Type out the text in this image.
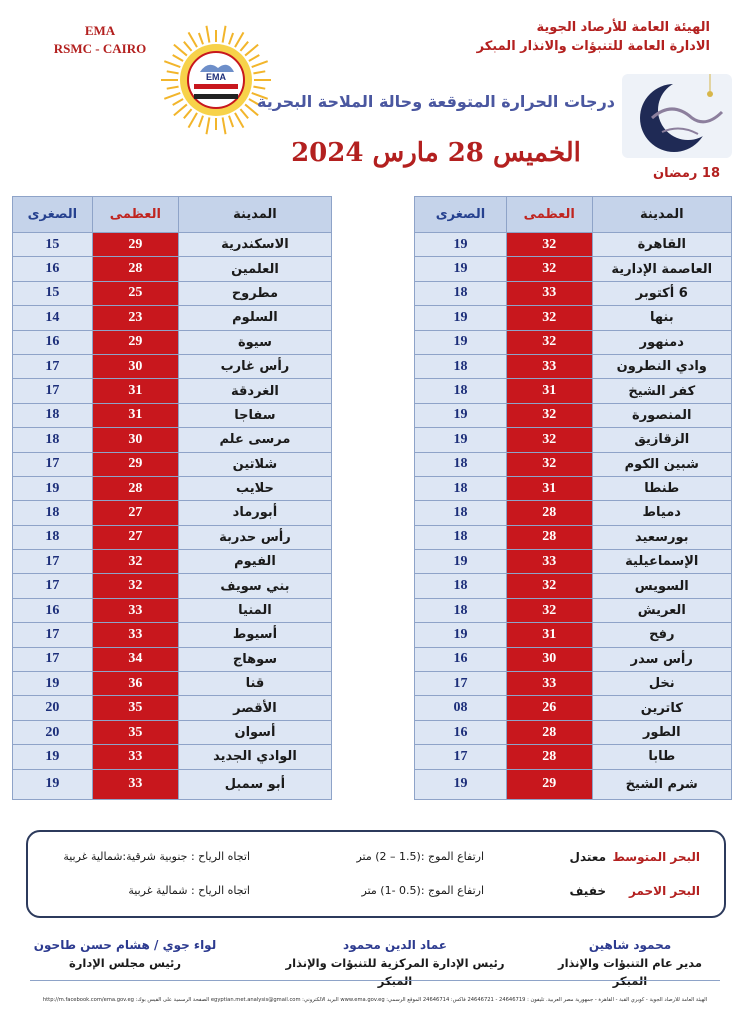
EMA
RSMC - CAIRO
EMA
الهيئة العامة للأرصاد الجوية
الادارة العامة للتنبؤات والانذار المبكر
درجات الحرارة المتوقعة وحالة الملاحة البحرية
الخميس 28 مارس 2024
18 رمضان
المدينة	العظمى	الصغرى
القاهرة	32	19
العاصمة الإدارية	32	19
6 أكتوبر	33	18
بنها	32	19
دمنهور	32	19
وادي النطرون	33	18
كفر الشيخ	31	18
المنصورة	32	19
الزقازيق	32	19
شبين الكوم	32	18
طنطا	31	18
دمياط	28	18
بورسعيد	28	18
الإسماعيلية	33	19
السويس	32	18
العريش	32	18
رفح	31	19
رأس سدر	30	16
نخل	33	17
كاترين	26	08
الطور	28	16
طابا	28	17
شرم الشيخ	29	19
المدينة	العظمى	الصغرى
الاسكندرية	29	15
العلمين	28	16
مطروح	25	15
السلوم	23	14
سيوة	29	16
رأس غارب	30	17
الغردقة	31	17
سفاجا	31	18
مرسى علم	30	18
شلاتين	29	17
حلايب	28	19
أبورماد	27	18
رأس حدربة	27	18
الفيوم	32	17
بني سويف	32	17
المنيا	33	16
أسيوط	33	17
سوهاج	34	17
قنا	36	19
الأقصر	35	20
أسوان	35	20
الوادي الجديد	33	19
أبو سمبل	33	19
البحر المتوسط
معتدل
ارتفاع الموج :(1.5 – 2) متر
اتجاه الرياح : جنوبية شرقية:شمالية غربية
البحر الاحمر
خفيف
ارتفاع الموج :(0.5 -1) متر
اتجاه الرياح : شمالية غربية
محمود شاهين
مدير عام التنبؤات والإنذار المبكر
عماد الدين محمود
رئيس الإدارة المركزية للتنبؤات والإنذار المبكر
لواء جوي / هشام حسن طاحون
رئيس مجلس الإدارة
الهيئة العامة للأرصاد الجوية - كوبري القبة - القاهرة - جمهورية مصر العربية. تليفون : 24646719 - 24646721 فاكس: 24646714 الموقع الرسمي: www.ema.gov.eg البريد الالكتروني: egyptian.met.analysis@gmail.com الصفحة الرسمية على الفيس بوك: http://m.facebook.com/ema.gov.eg
